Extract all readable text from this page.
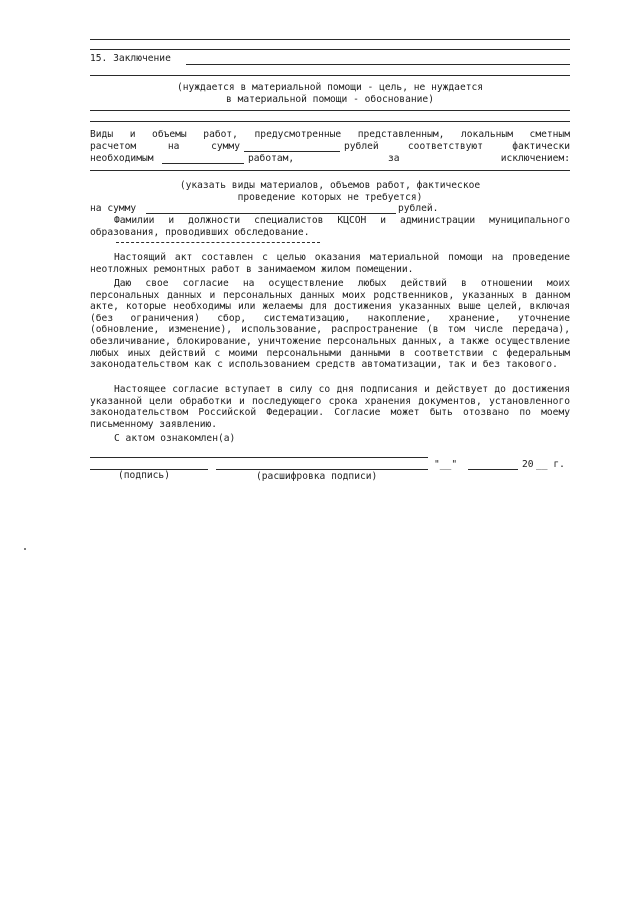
15. Заключение
(нуждается в материальной помощи - цель, не нуждается
в материальной помощи - обоснование)
Виды и объемы работ, предусмотренные представленным, локальным сметным
расчетом на сумму	рублей соответствуют фактически
необходимым	работам,	за	исключением:
(указать виды материалов, объемов работ, фактическое
проведение которых не требуется)
на сумму	рублей.
Фамилии и должности специалистов КЦСОН и администрации муниципального
образования, проводивших обследование.
Настоящий акт составлен с целью оказания материальной помощи на проведение неотложных ремонтных работ в занимаемом жилом помещении.
Даю свое согласие на осуществление любых действий в отношении моих персональных данных и персональных данных моих родственников, указанных в данном акте, которые необходимы или желаемы для достижения указанных выше целей, включая (без ограничения) сбор, систематизацию, накопление, хранение, уточнение (обновление, изменение), использование, распространение (в том числе передача), обезличивание, блокирование, уничтожение персональных данных, а также осуществление любых иных действий с моими персональными данными в соответствии с федеральным законодательством как с использованием средств автоматизации, так и без такового.
Настоящее согласие вступает в силу со дня подписания и действует до достижения указанной цели обработки и последующего срока хранения документов, установленного законодательством Российской Федерации. Согласие может быть отозвано по моему письменному заявлению.
С актом ознакомлен(а)
"__"	20 __ г.
(подпись)	(расшифровка подписи)
